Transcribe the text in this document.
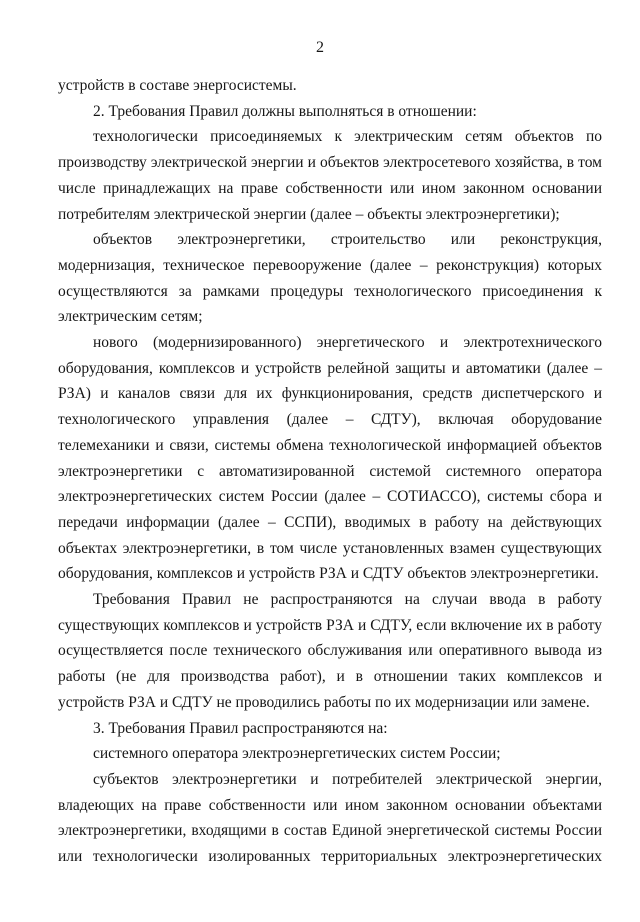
2

устройств в составе энергосистемы.

2. Требования Правил должны выполняться в отношении:

технологически присоединяемых к электрическим сетям объектов по производству электрической энергии и объектов электросетевого хозяйства, в том числе принадлежащих на праве собственности или ином законном основании потребителям электрической энергии (далее – объекты электроэнергетики);

объектов электроэнергетики, строительство или реконструкция, модернизация, техническое перевооружение (далее – реконструкция) которых осуществляются за рамками процедуры технологического присоединения к электрическим сетям;

нового (модернизированного) энергетического и электротехнического оборудования, комплексов и устройств релейной защиты и автоматики (далее – РЗА) и каналов связи для их функционирования, средств диспетчерского и технологического управления (далее – СДТУ), включая оборудование телемеханики и связи, системы обмена технологической информацией объектов электроэнергетики с автоматизированной системой системного оператора электроэнергетических систем России (далее – СОТИАССО), системы сбора и передачи информации (далее – ССПИ), вводимых в работу на действующих объектах электроэнергетики, в том числе установленных взамен существующих оборудования, комплексов и устройств РЗА и СДТУ объектов электроэнергетики.

Требования Правил не распространяются на случаи ввода в работу существующих комплексов и устройств РЗА и СДТУ, если включение их в работу осуществляется после технического обслуживания или оперативного вывода из работы (не для производства работ), и в отношении таких комплексов и устройств РЗА и СДТУ не проводились работы по их модернизации или замене.

3. Требования Правил распространяются на:

системного оператора электроэнергетических систем России;

субъектов электроэнергетики и потребителей электрической энергии, владеющих на праве собственности или ином законном основании объектами электроэнергетики, входящими в состав Единой энергетической системы России или технологически изолированных территориальных электроэнергетических
